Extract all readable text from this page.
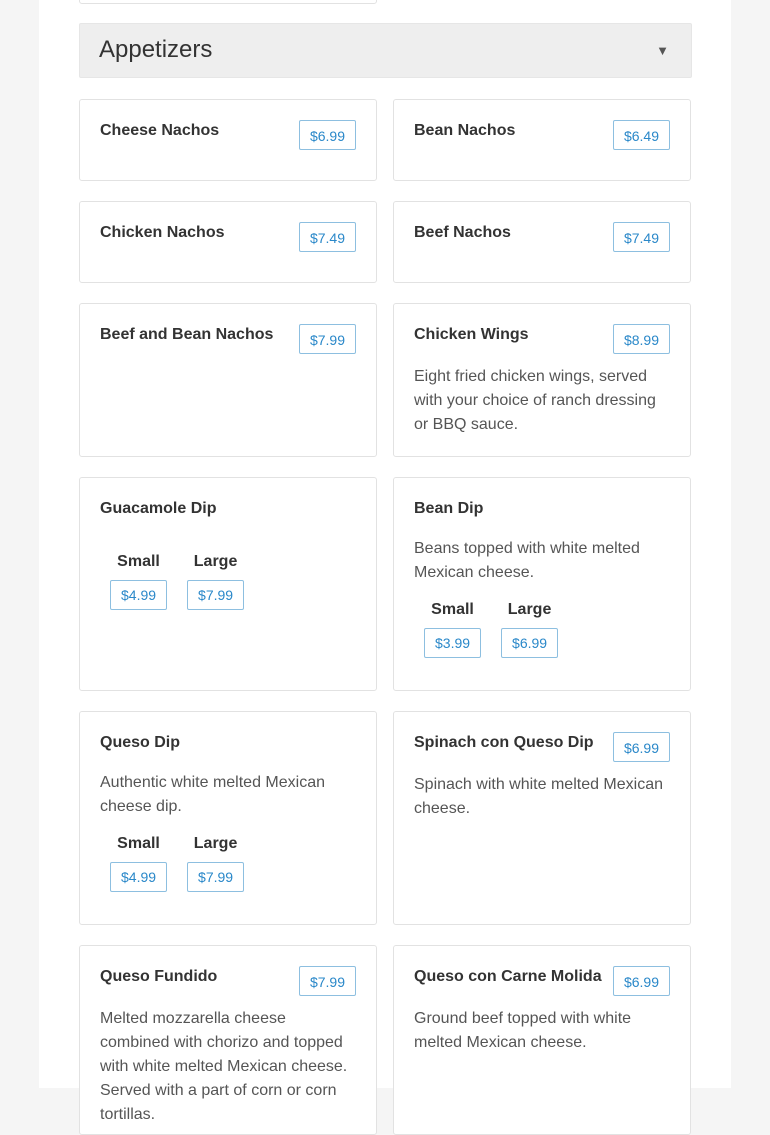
Appetizers	▼
Cheese Nachos	$6.99	Bean Nachos	$6.49
Chicken Nachos	$7.49	Beef Nachos	$7.49
Beef and Bean Nachos	$7.99	Chicken Wings	$8.99
Eight fried chicken wings, served with your choice of ranch dressing or BBQ sauce.
Guacamole Dip
Small
$4.99
Large
$7.99
Bean Dip
Beans topped with white melted Mexican cheese.
Small
$3.99
Large
$6.99
Queso Dip
Authentic white melted Mexican cheese dip.
Small
$4.99
Large
$7.99
Spinach con Queso Dip	$6.99
Spinach with white melted Mexican cheese.
Queso Fundido	$7.99
Melted mozzarella cheese combined with chorizo and topped with white melted Mexican cheese. Served with a part of corn or corn tortillas.
Queso con Carne Molida	$6.99
Ground beef topped with white melted Mexican cheese.
